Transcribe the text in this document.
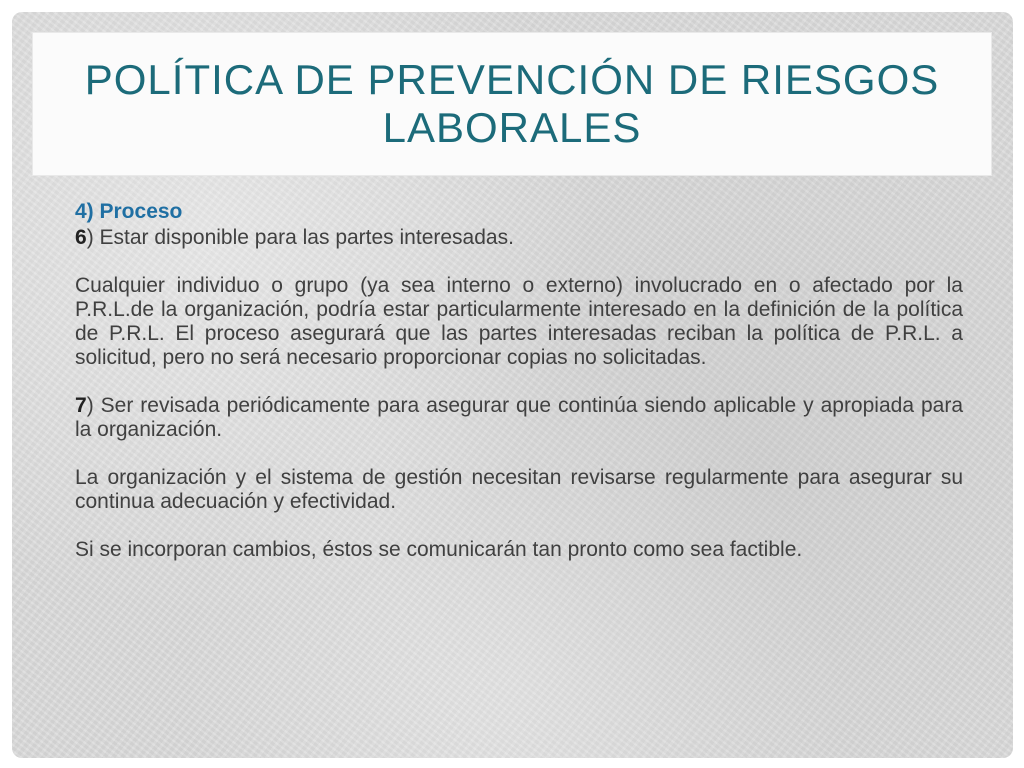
POLÍTICA DE PREVENCIÓN DE RIESGOS LABORALES

4) Proceso

6) Estar disponible para las partes interesadas.

Cualquier individuo o grupo (ya sea interno o externo) involucrado en o afectado por la P.R.L.de la organización, podría estar particularmente interesado en la definición de la política de P.R.L. El proceso asegurará que las partes interesadas reciban la política de P.R.L. a solicitud, pero no será necesario proporcionar copias no solicitadas.

7) Ser revisada periódicamente para asegurar que continúa siendo aplicable y apropiada para la organización.

La organización y el sistema de gestión necesitan revisarse regularmente para asegurar su continua adecuación y efectividad.

Si se incorporan cambios, éstos se comunicarán tan pronto como sea factible.
